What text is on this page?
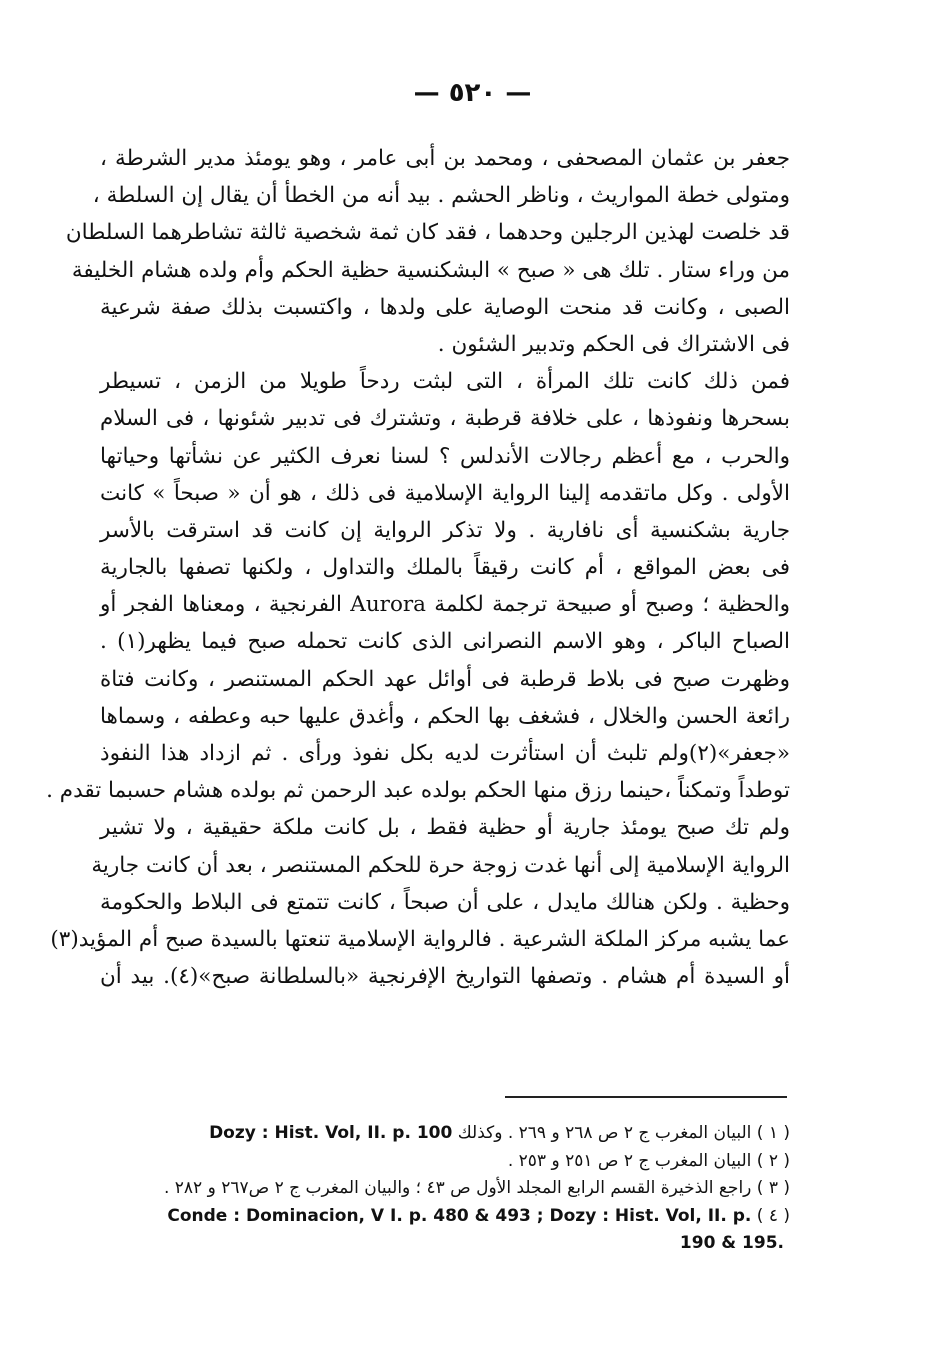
— ٥٢٠ —
جعفر بن عثمان المصحفى ، ومحمد بن أبى عامر ، وهو يومئذ مدير الشرطة ،
ومتولى خطة المواريث ، وناظر الحشم . بيد أنه من الخطأ أن يقال إن السلطة ،
قد خلصت لهذين الرجلين وحدهما ، فقد كان ثمة شخصية ثالثة تشاطرهما السلطان
من وراء ستار . تلك هى « صبح » البشكنسية حظية الحكم وأم ولده هشام الخليفة
الصبى ، وكانت قد منحت الوصاية على ولدها ، واكتسبت بذلك صفة شرعية
فى الاشتراك فى الحكم وتدبير الشئون .
فمن ذلك كانت تلك المرأة ، التى لبثت ردحاً طويلا من الزمن ، تسيطر
بسحرها ونفوذها ، على خلافة قرطبة ، وتشترك فى تدبير شئونها ، فى السلام
والحرب ، مع أعظم رجالات الأندلس ؟ لسنا نعرف الكثير عن نشأتها وحياتها
الأولى . وكل ماتقدمه إلينا الرواية الإسلامية فى ذلك ، هو أن « صبحاً » كانت
جارية بشكنسية أى نافارية . ولا تذكر الرواية إن كانت قد استرقت بالأسر
فى بعض المواقع ، أم كانت رقيقاً بالملك والتداول ، ولكنها تصفها بالجارية
والحظية ؛ وصبح أو صبيحة ترجمة لكلمة Aurora الفرنجية ، ومعناها الفجر أو
الصباح الباكر ، وهو الاسم النصرانى الذى كانت تحمله صبح فيما يظهر(١) .
وظهرت صبح فى بلاط قرطبة فى أوائل عهد الحكم المستنصر ، وكانت فتاة
رائعة الحسن والخلال ، فشغف بها الحكم ، وأغدق عليها حبه وعطفه ، وسماها
«جعفر»(٢)ولم تلبث أن استأثرت لديه بكل نفوذ ورأى . ثم ازداد هذا النفوذ
توطداً وتمكناً ،حينما رزق منها الحكم بولده عبد الرحمن ثم بولده هشام حسبما تقدم .
ولم تك صبح يومئذ جارية أو حظية فقط ، بل كانت ملكة حقيقية ، ولا تشير
الرواية الإسلامية إلى أنها غدت زوجة حرة للحكم المستنصر ، بعد أن كانت جارية
وحظية . ولكن هنالك مايدل ، على أن صبحاً ، كانت تتمتع فى البلاط والحكومة
عما يشبه مركز الملكة الشرعية . فالرواية الإسلامية تنعتها بالسيدة صبح أم المؤيد(٣)
أو السيدة أم هشام . وتصفها التواريخ الإفرنجية «بالسلطانة صبح»(٤). بيد أن
( ١ ) البيان المغرب ج ٢ ص ٢٦٨ و ٢٦٩ . وكذلك Dozy : Hist. Vol, II. p. 100
( ٢ ) البيان المغرب ج ٢ ص ٢٥١ و ٢٥٣ .
( ٣ ) راجع الذخيرة القسم الرابع المجلد الأول ص ٤٣ ؛ والبيان المغرب ج ٢ ص٢٦٧ و ٢٨٢ .
( ٤ ) Conde : Dominacion, V I. p. 480 & 493 ; Dozy : Hist. Vol, II. p.
190 & 195.
